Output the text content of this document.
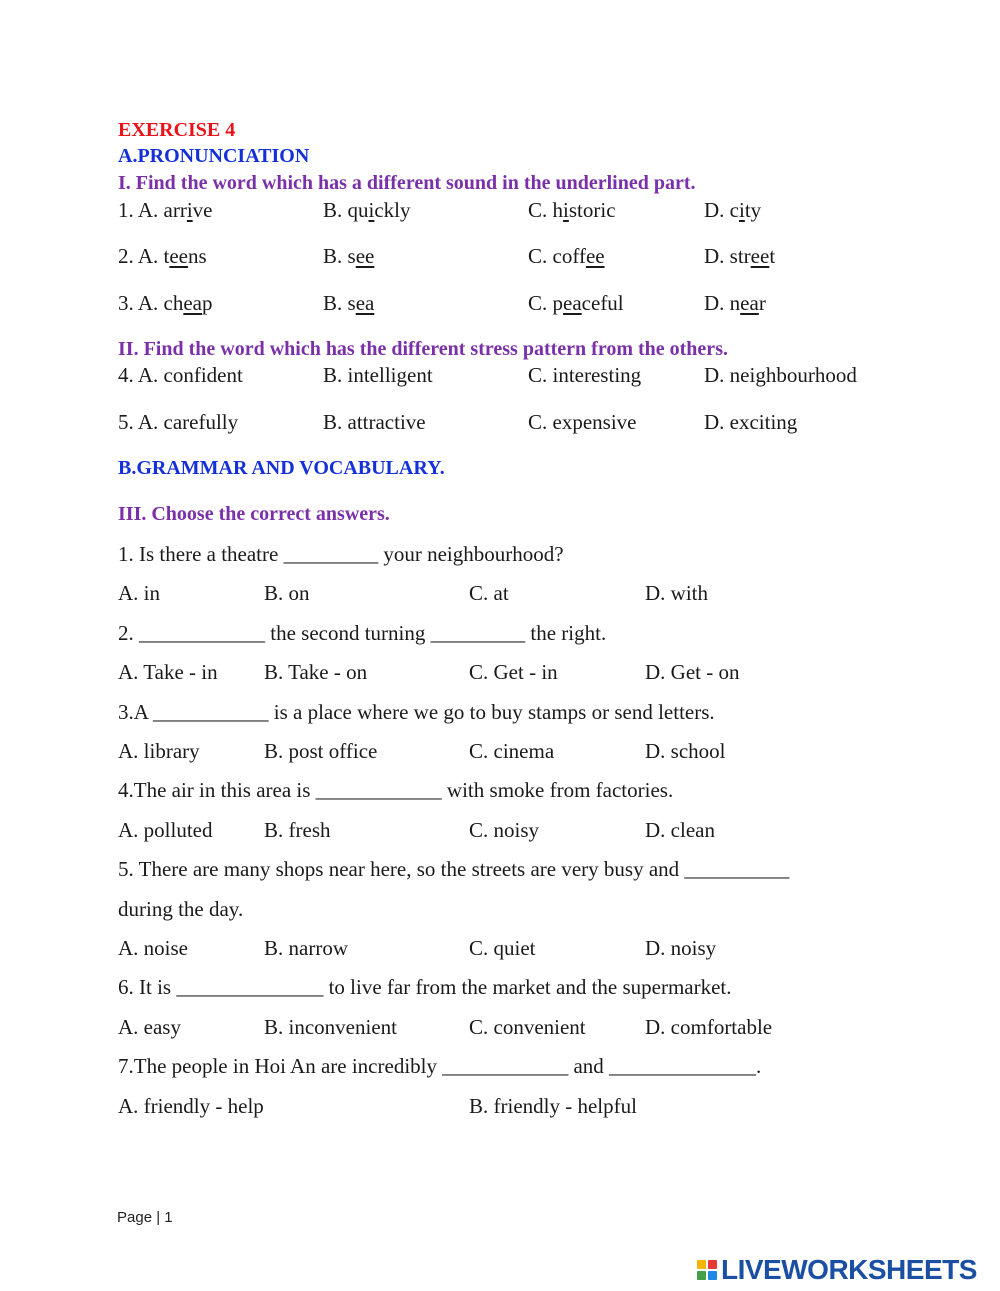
EXERCISE 4
A.PRONUNCIATION
I. Find the word which has a different sound in the underlined part.
1. A. arrive	B. quickly	C. historic	D. city
2. A. teens	B. see	C. coffee	D. street
3. A. cheap	B. sea	C. peaceful	D. near
II. Find the word which has the different stress pattern from the others.
4. A. confident	B. intelligent	C. interesting	D. neighbourhood
5. A. carefully	B. attractive	C. expensive	D. exciting
B.GRAMMAR AND VOCABULARY.
III. Choose the correct answers.
1. Is there a theatre _________ your neighbourhood?
A. in	B. on	C. at	D. with
2. ____________ the second turning _________ the right.
A. Take - in B. Take - on	C. Get - in	D. Get - on
3.A ___________ is a place where we go to buy stamps or send letters.
A. library	B. post office	C. cinema	D. school
4.The air in this area is ____________ with smoke from factories.
A. polluted B. fresh	C. noisy	D. clean
5. There are many shops near here, so the streets are very busy and __________
during the day.
A. noise	B. narrow	C. quiet	D. noisy
6. It is ______________ to live far from the market and the supermarket.
A. easy	B. inconvenient	C. convenient	D. comfortable
7.The people in Hoi An are incredibly ____________ and ______________.
A. friendly - help	B. friendly - helpful
Page | 1
LIVEWORKSHEETS
